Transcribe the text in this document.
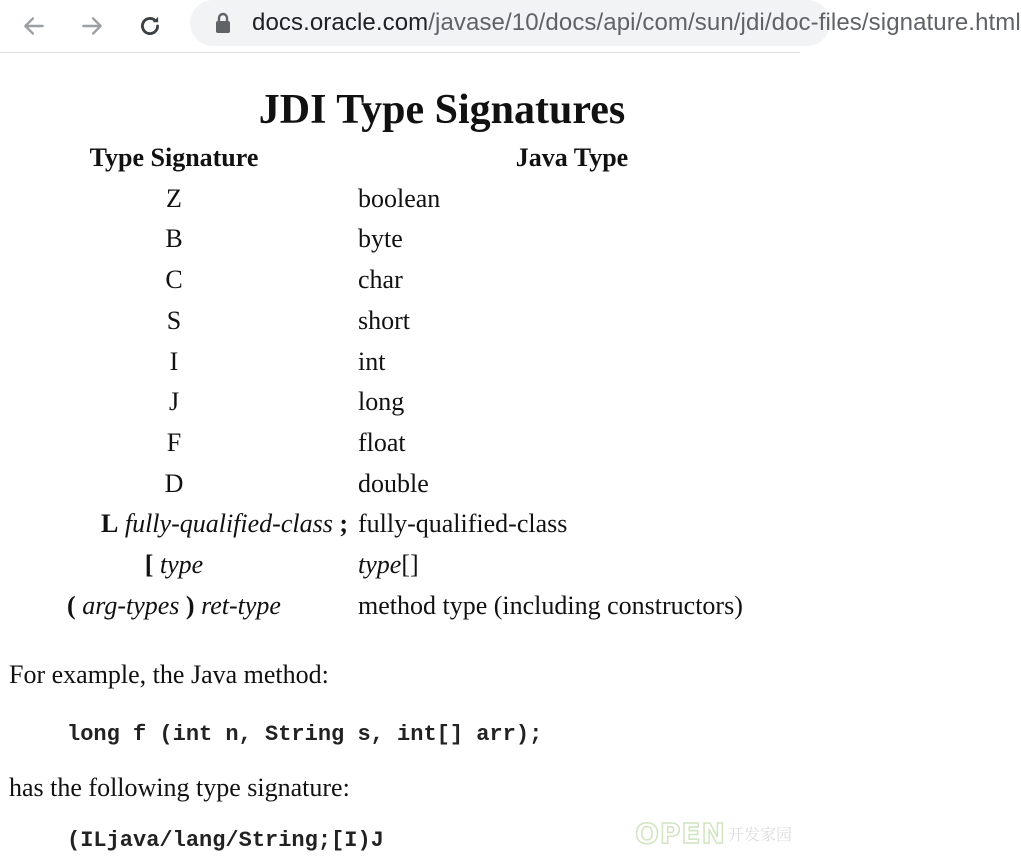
docs.oracle.com/javase/10/docs/api/com/sun/jdi/doc-files/signature.html
JDI Type Signatures
Type Signature	Java Type
Z	boolean
B	byte
C	char
S	short
I	int
J	long
F	float
D	double
L fully-qualified-class ;	fully-qualified-class
[ type	type[]
( arg-types ) ret-type	method type (including constructors)

For example, the Java method:

long f (int n, String s, int[] arr);

has the following type signature:

(ILjava/lang/String;[I)J	OPEN 开发家园
